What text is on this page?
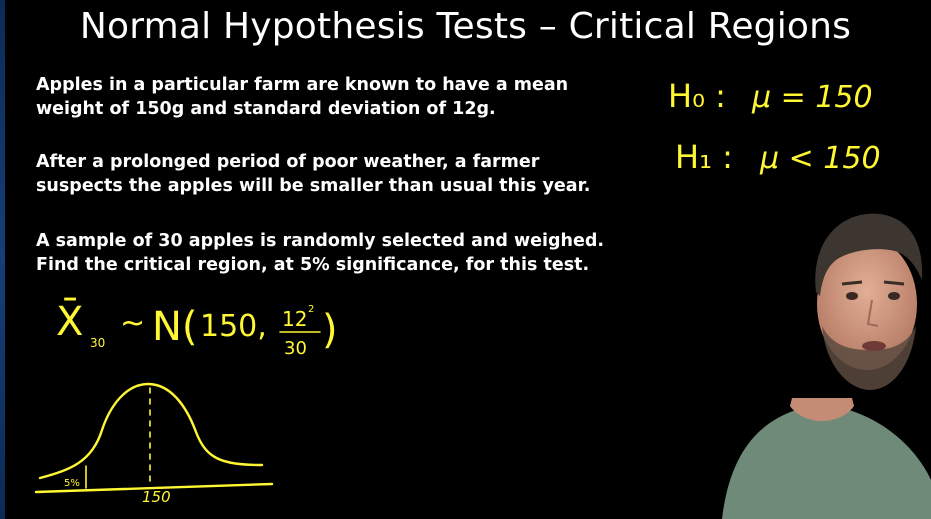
Normal Hypothesis Tests – Critical Regions
Apples in a particular farm are known to have a mean
weight of 150g and standard deviation of 12g.
After a prolonged period of poor weather, a farmer
suspects the apples will be smaller than usual this year.
A sample of 30 apples is randomly selected and weighed.
Find the critical region, at 5% significance, for this test.
H₀ : μ = 150
H₁ : μ < 150
X̄ 30
~ N( 150, 12 2
30 )
5%
150
